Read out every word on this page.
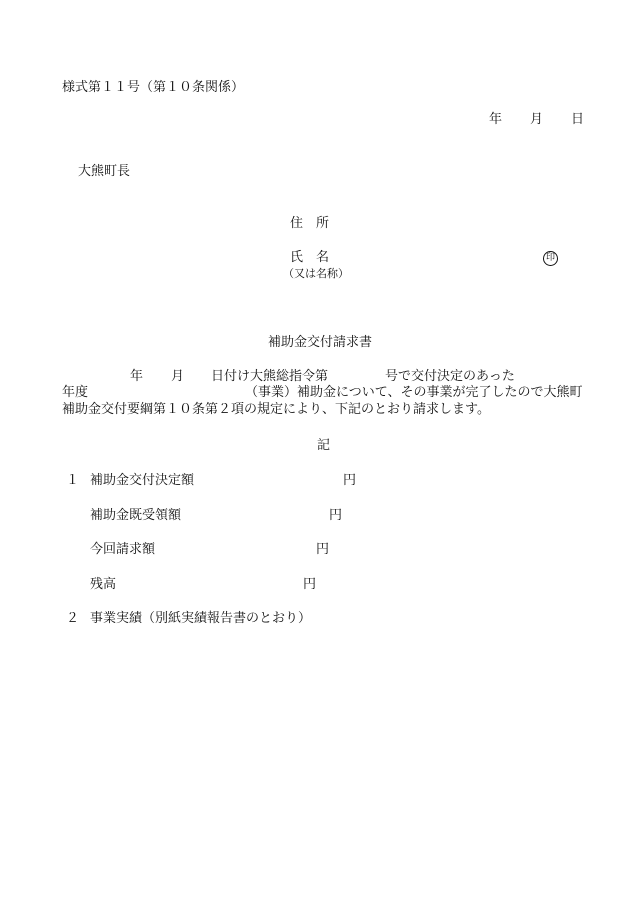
様式第１１号（第１０条関係）
年 月 日
大熊町長
住　所
氏　名	印
（又は名称）
補助金交付請求書
年 月 日付け大熊総指令第	号で交付決定のあった
年度	（事業）補助金について、その事業が完了したので大熊町
補助金交付要綱第１０条第２項の規定により、下記のとおり請求します。
記
１ 補助金交付決定額	円
補助金既受領額	円
今回請求額	円
残高	円
２ 事業実績（別紙実績報告書のとおり）
